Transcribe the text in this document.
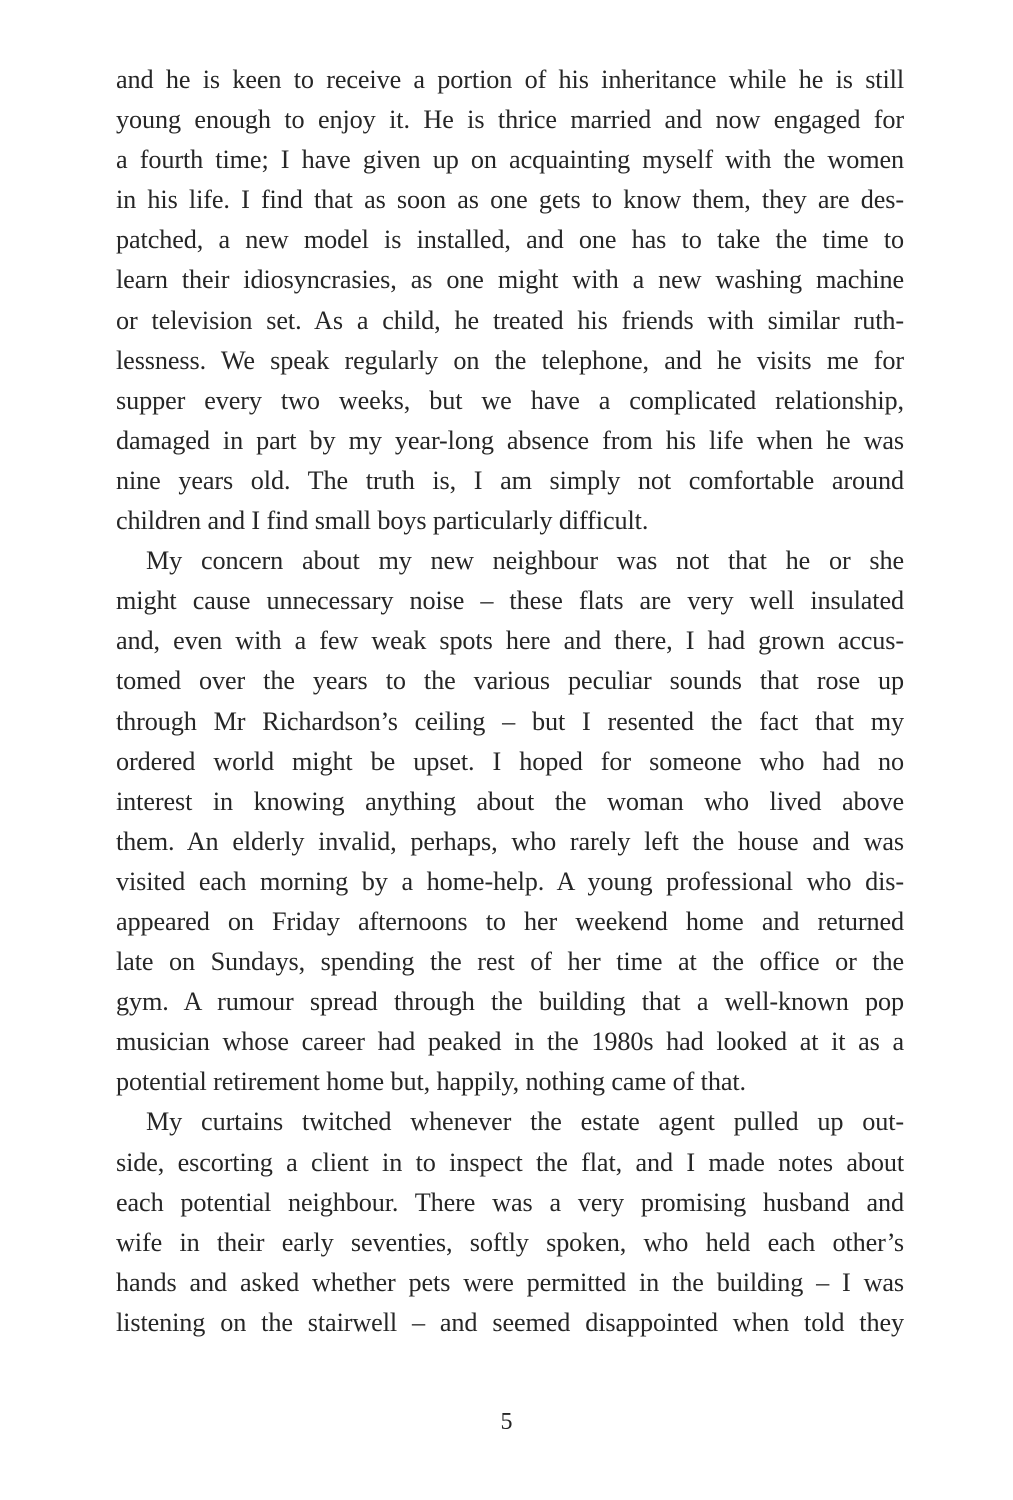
and he is keen to receive a portion of his inheritance while he is still
young enough to enjoy it. He is thrice married and now engaged for
a fourth time; I have given up on acquainting myself with the women
in his life. I find that as soon as one gets to know them, they are des-
patched, a new model is installed, and one has to take the time to
learn their idiosyncrasies, as one might with a new washing machine
or television set. As a child, he treated his friends with similar ruth-
lessness. We speak regularly on the telephone, and he visits me for
supper every two weeks, but we have a complicated relationship,
damaged in part by my year-long absence from his life when he was
nine years old. The truth is, I am simply not comfortable around
children and I find small boys particularly difficult.
My concern about my new neighbour was not that he or she
might cause unnecessary noise – these flats are very well insulated
and, even with a few weak spots here and there, I had grown accus-
tomed over the years to the various peculiar sounds that rose up
through Mr Richardson’s ceiling – but I resented the fact that my
ordered world might be upset. I hoped for someone who had no
interest in knowing anything about the woman who lived above
them. An elderly invalid, perhaps, who rarely left the house and was
visited each morning by a home-help. A young professional who dis-
appeared on Friday afternoons to her weekend home and returned
late on Sundays, spending the rest of her time at the office or the
gym. A rumour spread through the building that a well-known pop
musician whose career had peaked in the 1980s had looked at it as a
potential retirement home but, happily, nothing came of that.
My curtains twitched whenever the estate agent pulled up out-
side, escorting a client in to inspect the flat, and I made notes about
each potential neighbour. There was a very promising husband and
wife in their early seventies, softly spoken, who held each other’s
hands and asked whether pets were permitted in the building – I was
listening on the stairwell – and seemed disappointed when told they
5
